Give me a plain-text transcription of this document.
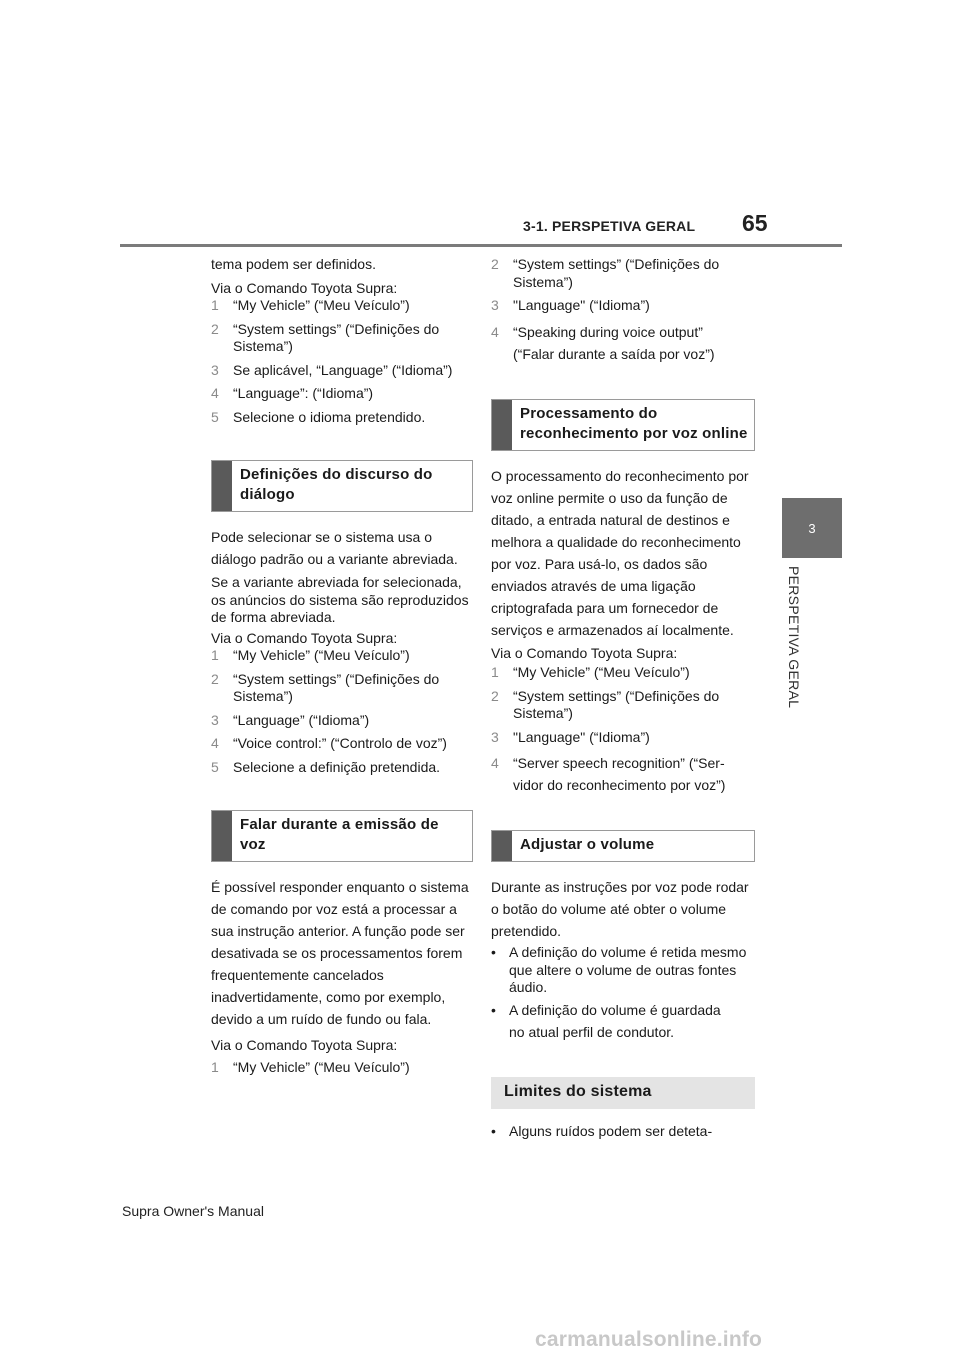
3-1. PERSPETIVA GERAL 65
3
PERSPETIVA GERAL

tema podem ser definidos.

Via o Comando Toyota Supra:

1	“My Vehicle” (“Meu Veículo”)
2	“System settings” (“Definições do Sistema”)
3	Se aplicável, “Language” (“Idioma”)
4	“Language”: (“Idioma”)
5	Selecione o idioma pretendido.
Definições do discurso do diálogo

Pode selecionar se o sistema usa o diálogo padrão ou a variante abreviada.

Se a variante abreviada for selecionada, os anúncios do sistema são reproduzidos de forma abreviada.

Via o Comando Toyota Supra:

1	“My Vehicle” (“Meu Veículo”)
2	“System settings” (“Definições do Sistema”)
3	“Language” (“Idioma”)
4	“Voice control:” (“Controlo de voz”)
5	Selecione a definição pretendida.
Falar durante a emissão de voz

É possível responder enquanto o sistema de comando por voz está a processar a sua instrução anterior. A função pode ser desativada se os processamentos forem frequentemente cancelados inadvertidamente, como por exemplo, devido a um ruído de fundo ou fala.

Via o Comando Toyota Supra:

1	“My Vehicle” (“Meu Veículo”)
2	“System settings” (“Definições do Sistema”)
3	"Language" (“Idioma”)
4	“Speaking during voice output”
(“Falar durante a saída por voz”)
Processamento do reconhecimento por voz online

O processamento do reconhecimento por voz online permite o uso da função de ditado, a entrada natural de destinos e melhora a qualidade do reconhecimento por voz. Para usá-lo, os dados são enviados através de uma ligação criptografada para um fornecedor de serviços e armazenados aí localmente.

Via o Comando Toyota Supra:

1	“My Vehicle” (“Meu Veículo”)
2	“System settings” (“Definições do Sistema”)
3	"Language" (“Idioma”)
4	“Server speech recognition” (“Ser-
vidor do reconhecimento por voz”)
Adjustar o volume

Durante as instruções por voz pode rodar o botão do volume até obter o volume pretendido.

• A definição do volume é retida mesmo que altere o volume de outras fontes áudio.
• A definição do volume é guardada
no atual perfil de condutor.
Limites do sistema
• Alguns ruídos podem ser deteta-
Supra Owner's Manual
carmanualsonline.info
